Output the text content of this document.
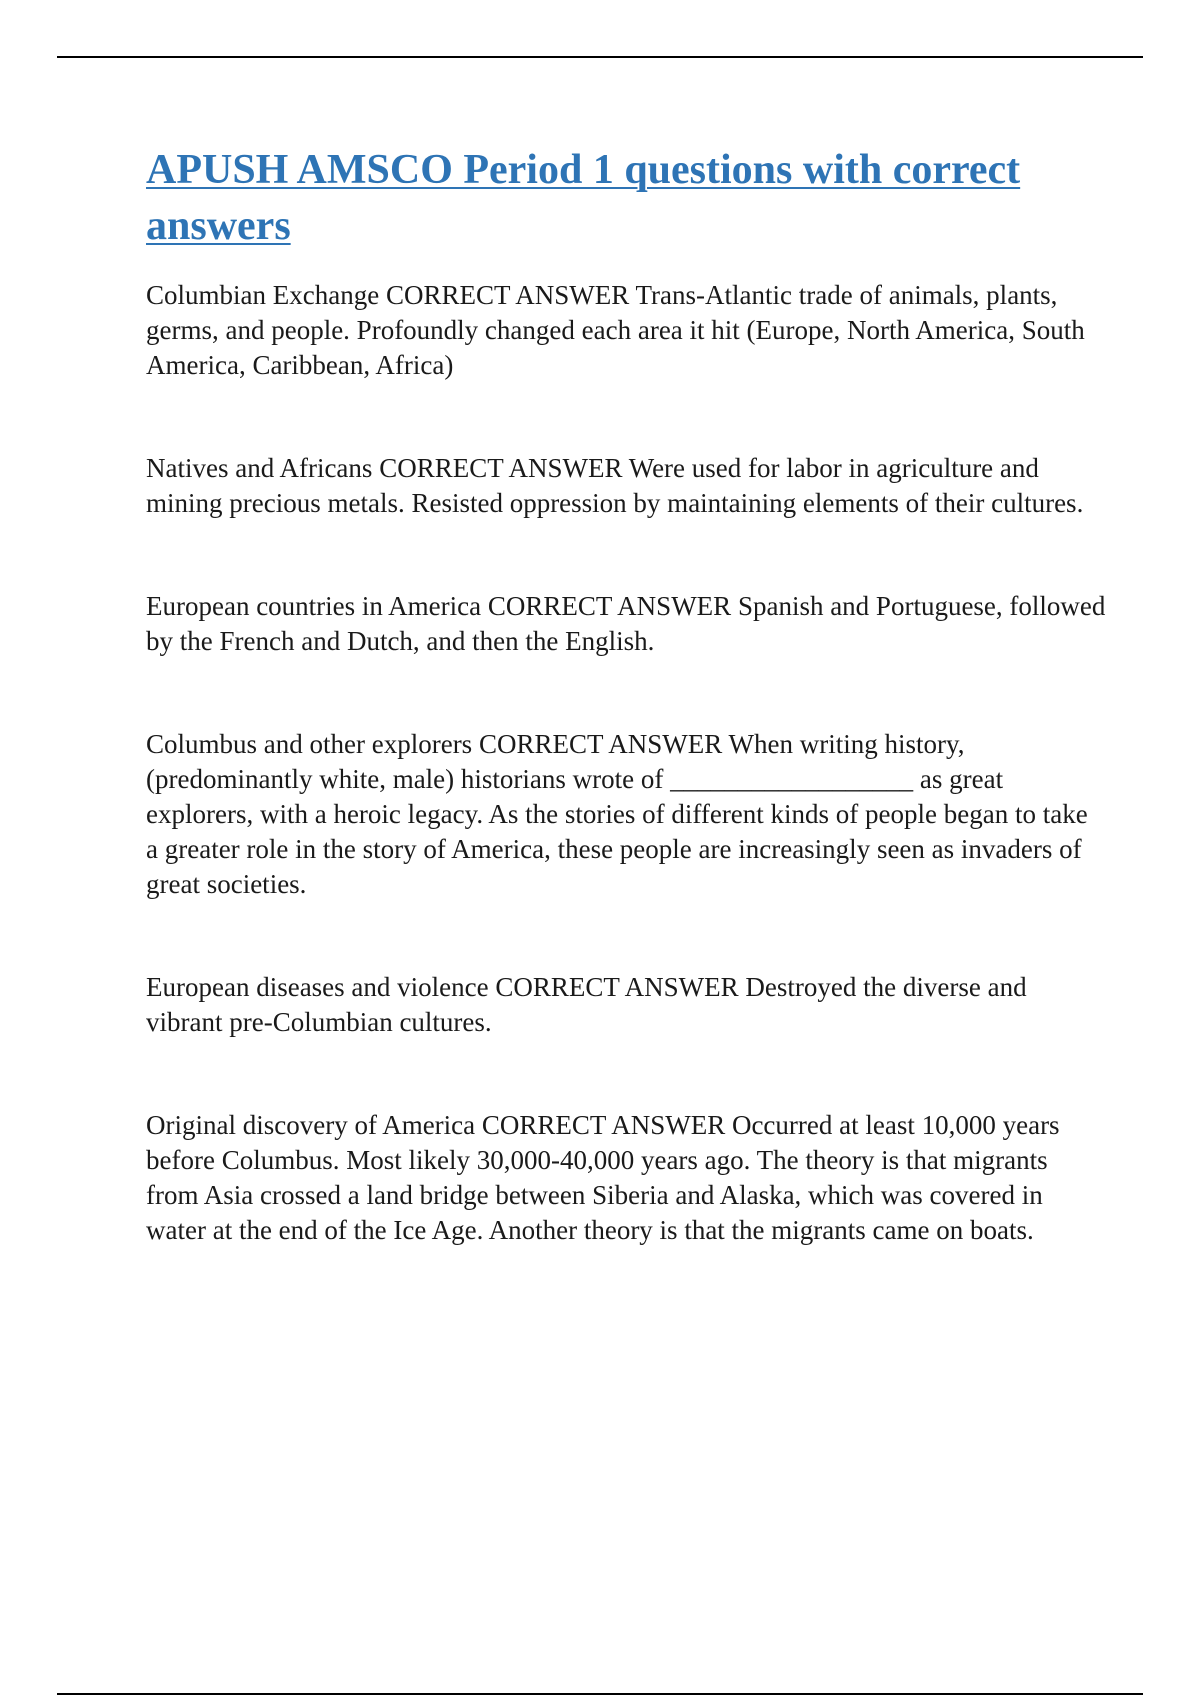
APUSH AMSCO Period 1 questions with correct answers

Columbian Exchange CORRECT ANSWER Trans-Atlantic trade of animals, plants, germs, and people. Profoundly changed each area it hit (Europe, North America, South America, Caribbean, Africa)

Natives and Africans CORRECT ANSWER Were used for labor in agriculture and mining precious metals. Resisted oppression by maintaining elements of their cultures.

European countries in America CORRECT ANSWER Spanish and Portuguese, followed by the French and Dutch, and then the English.

Columbus and other explorers CORRECT ANSWER When writing history, (predominantly white, male) historians wrote of __________________ as great explorers, with a heroic legacy. As the stories of different kinds of people began to take a greater role in the story of America, these people are increasingly seen as invaders of great societies.

European diseases and violence CORRECT ANSWER Destroyed the diverse and vibrant pre-Columbian cultures.

Original discovery of America CORRECT ANSWER Occurred at least 10,000 years before Columbus. Most likely 30,000-40,000 years ago. The theory is that migrants from Asia crossed a land bridge between Siberia and Alaska, which was covered in water at the end of the Ice Age. Another theory is that the migrants came on boats.
